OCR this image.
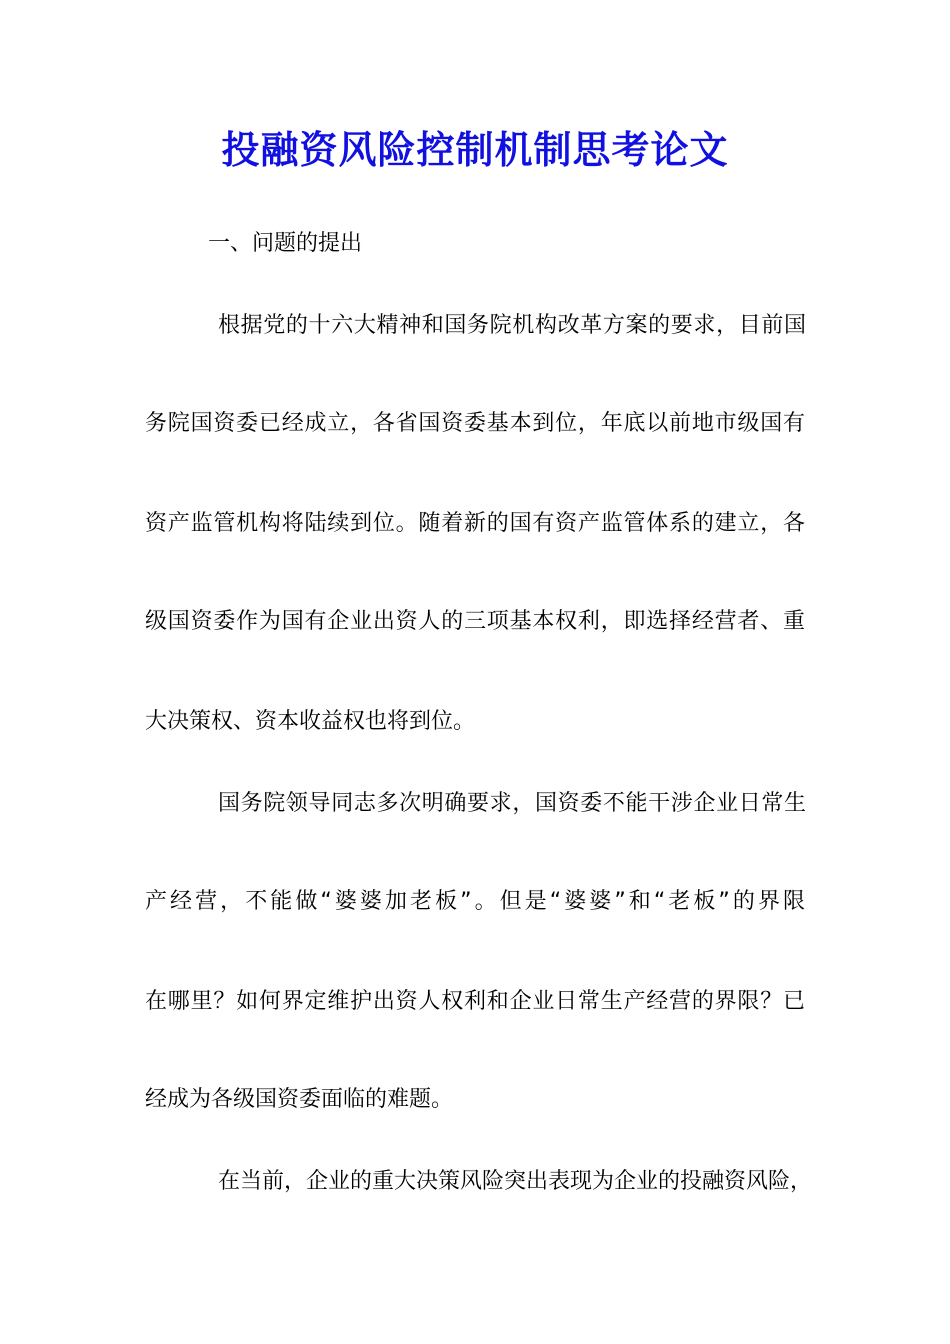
投融资风险控制机制思考论文
一、问题的提出
根据党的十六大精神和国务院机构改革方案的要求，目前国
务院国资委已经成立，各省国资委基本到位，年底以前地市级国有
资产监管机构将陆续到位。随着新的国有资产监管体系的建立，各
级国资委作为国有企业出资人的三项基本权利，即选择经营者、重
大决策权、资本收益权也将到位。
国务院领导同志多次明确要求，国资委不能干涉企业日常生
产经营，不能做“婆婆加老板”。但是“婆婆”和“老板”的界限
在哪里？如何界定维护出资人权利和企业日常生产经营的界限？已
经成为各级国资委面临的难题。
在当前，企业的重大决策风险突出表现为企业的投融资风险，
